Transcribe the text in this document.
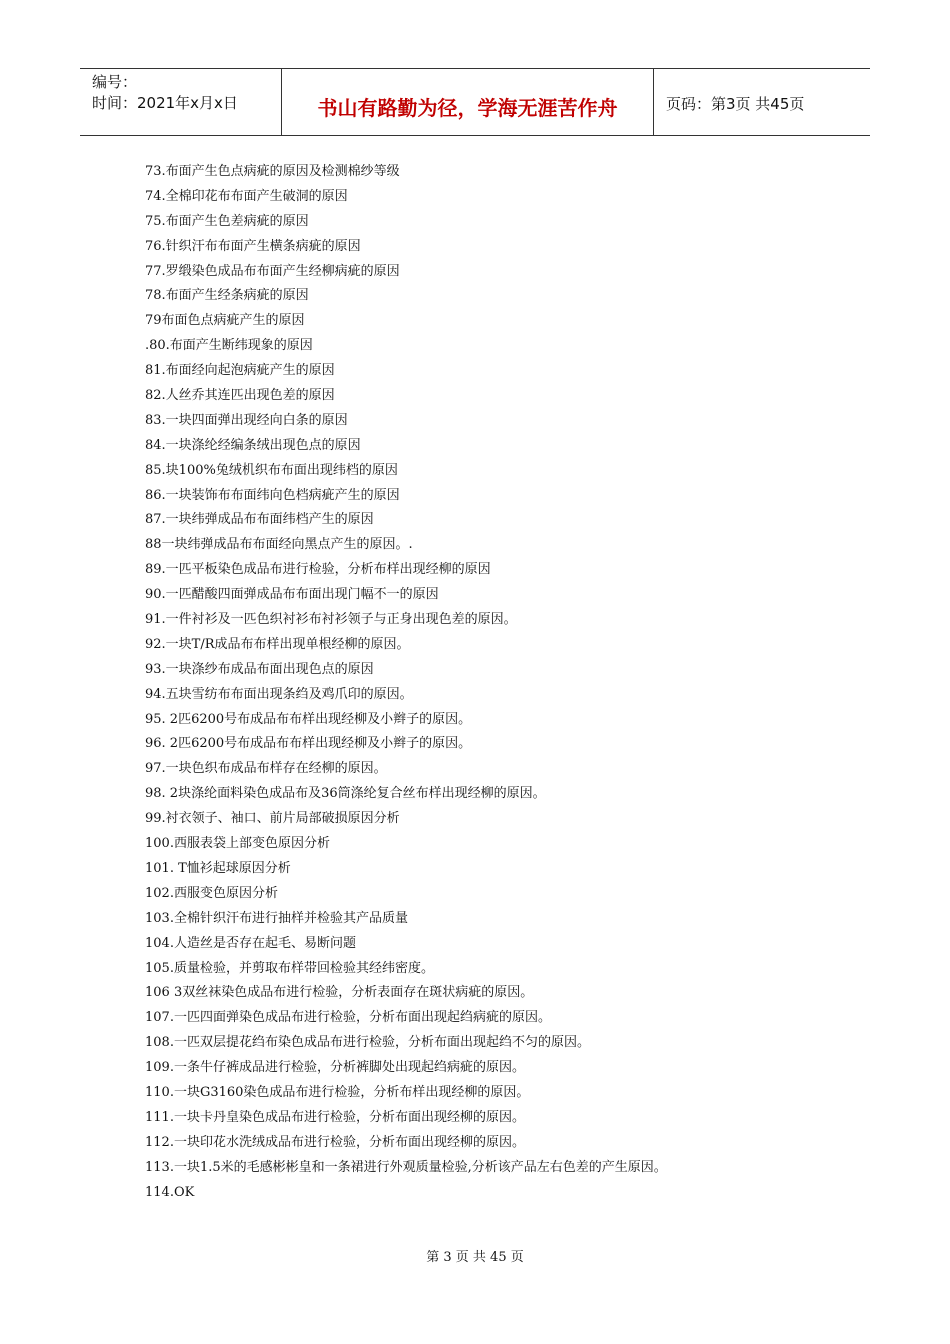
编号：
时间：2021年x月x日	书山有路勤为径，学海无涯苦作舟	页码：第3页 共45页
73.布面产生色点病疵的原因及检测棉纱等级
74.全棉印花布布面产生破洞的原因
75.布面产生色差病疵的原因
76.针织汗布布面产生横条病疵的原因
77.罗缎染色成品布布面产生经柳病疵的原因
78.布面产生经条病疵的原因
79布面色点病疵产生的原因
.80.布面产生断纬现象的原因
81.布面经向起泡病疵产生的原因
82.人丝乔其连匹出现色差的原因
83.一块四面弹出现经向白条的原因
84.一块涤纶经编条绒出现色点的原因
85.块100%兔绒机织布布面出现纬档的原因
86.一块装饰布布面纬向色档病疵产生的原因
87.一块纬弹成品布布面纬档产生的原因
88一块纬弹成品布布面经向黑点产生的原因。.
89.一匹平板染色成品布进行检验，分析布样出现经柳的原因
90.一匹醋酸四面弹成品布布面出现门幅不一的原因
91.一件衬衫及一匹色织衬衫布衬衫领子与正身出现色差的原因。
92.一块T/R成品布布样出现单根经柳的原因。
93.一块涤纱布成品布面出现色点的原因
94.五块雪纺布布面出现条绉及鸡爪印的原因。
95. 2匹6200号布成品布布样出现经柳及小辫子的原因。
96. 2匹6200号布成品布布样出现经柳及小辫子的原因。
97.一块色织布成品布样存在经柳的原因。
98. 2块涤纶面料染色成品布及36筒涤纶复合丝布样出现经柳的原因。
99.衬衣领子、袖口、前片局部破损原因分析
100.西服表袋上部变色原因分析
101. T恤衫起球原因分析
102.西服变色原因分析
103.全棉针织汗布进行抽样并检验其产品质量
104.人造丝是否存在起毛、易断问题
105.质量检验，并剪取布样带回检验其经纬密度。
106 3双丝袜染色成品布进行检验，分析表面存在斑状病疵的原因。
107.一匹四面弹染色成品布进行检验，分析布面出现起绉病疵的原因。
108.一匹双层提花绉布染色成品布进行检验，分析布面出现起绉不匀的原因。
109.一条牛仔裤成品进行检验，分析裤脚处出现起绉病疵的原因。
110.一块G3160染色成品布进行检验，分析布样出现经柳的原因。
111.一块卡丹皇染色成品布进行检验，分析布面出现经柳的原因。
112.一块印花水洗绒成品布进行检验，分析布面出现经柳的原因。
113.一块1.5米的毛感彬彬皇和一条裙进行外观质量检验,分析该产品左右色差的产生原因。
114.OK
第 3 页 共 45 页
